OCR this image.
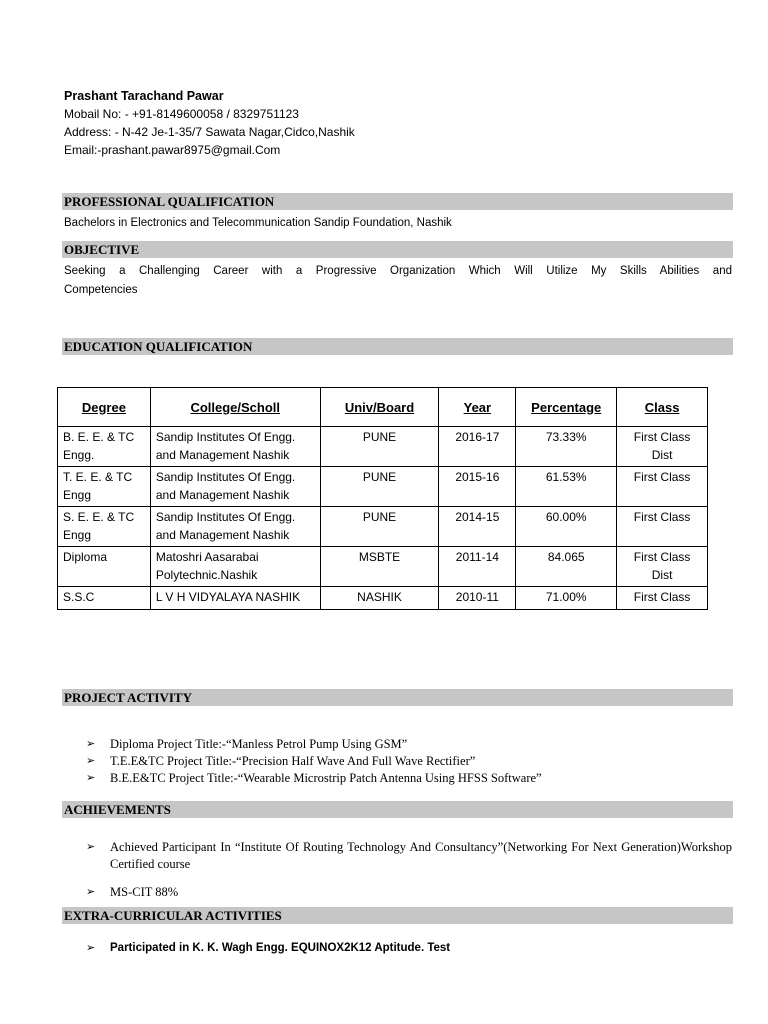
Prashant Tarachand Pawar
Mobail No: - +91-8149600058 / 8329751123
Address: - N-42 Je-1-35/7 Sawata Nagar,Cidco,Nashik
Email:-prashant.pawar8975@gmail.Com
PROFESSIONAL QUALIFICATION
Bachelors in Electronics and Telecommunication Sandip Foundation, Nashik
OBJECTIVE
Seeking a Challenging Career with a Progressive Organization Which Will Utilize My Skills Abilities and
Competencies
EDUCATION QUALIFICATION
Degree	College/Scholl	Univ/Board	Year	Percentage	Class
B. E. E. & TC Engg.	Sandip Institutes Of Engg. and Management Nashik	PUNE	2016-17	73.33%	First Class Dist
T. E. E. & TC Engg	Sandip Institutes Of Engg. and Management Nashik	PUNE	2015-16	61.53%	First Class
S. E. E. & TC Engg	Sandip Institutes Of Engg. and Management Nashik	PUNE	2014-15	60.00%	First Class
Diploma	Matoshri Aasarabai Polytechnic.Nashik	MSBTE	2011-14	84.065	First Class Dist
S.S.C	L V H VIDYALAYA NASHIK	NASHIK	2010-11	71.00%	First Class
PROJECT ACTIVITY
➢ Diploma Project Title:-“Manless Petrol Pump Using GSM”
➢ T.E.E&TC Project Title:-“Precision Half Wave And Full Wave Rectifier”
➢ B.E.E&TC Project Title:-“Wearable Microstrip Patch Antenna Using HFSS Software”
ACHIEVEMENTS
➢ Achieved Participant In “Institute Of Routing Technology And Consultancy”(Networking For Next Generation)Workshop Certified course
➢ MS-CIT 88%
EXTRA-CURRICULAR ACTIVITIES
➢ Participated in K. K. Wagh Engg. EQUINOX2K12 Aptitude. Test
